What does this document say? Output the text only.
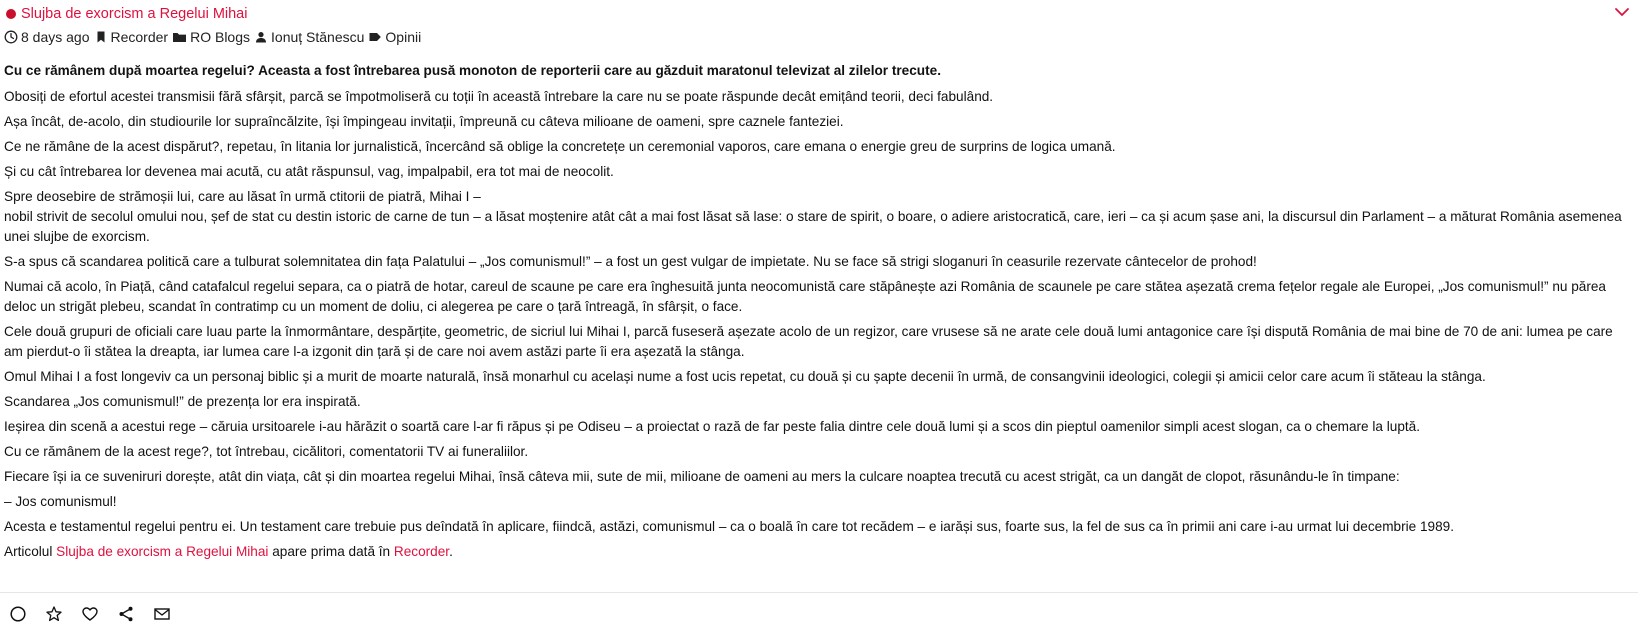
Slujba de exorcism a Regelui Mihai
8 days ago Recorder RO Blogs Ionuț Stănescu Opinii

Cu ce rămânem după moartea regelui? Aceasta a fost întrebarea pusă monoton de reporterii care au găzduit maratonul televizat al zilelor trecute.

Obosiți de efortul acestei transmisii fără sfârșit, parcă se împotmoliseră cu toții în această întrebare la care nu se poate răspunde decât emițând teorii, deci fabulând.

Așa încât, de-acolo, din studiourile lor supraîncălzite, își împingeau invitații, împreună cu câteva milioane de oameni, spre caznele fanteziei.

Ce ne rămâne de la acest dispărut?, repetau, în litania lor jurnalistică, încercând să oblige la concretețe un ceremonial vaporos, care emana o energie greu de surprins de logica umană.

Și cu cât întrebarea lor devenea mai acută, cu atât răspunsul, vag, impalpabil, era tot mai de neocolit.

Spre deosebire de strămoșii lui, care au lăsat în urmă ctitorii de piatră, Mihai I –
nobil strivit de secolul omului nou, șef de stat cu destin istoric de carne de tun – a lăsat moștenire atât cât a mai fost lăsat să lase: o stare de spirit, o boare, o adiere aristocratică, care, ieri – ca și acum șase ani, la discursul din Parlament – a măturat România asemenea unei slujbe de exorcism.

S-a spus că scandarea politică care a tulburat solemnitatea din fața Palatului – „Jos comunismul!” – a fost un gest vulgar de impietate. Nu se face să strigi sloganuri în ceasurile rezervate cântecelor de prohod!

Numai că acolo, în Piață, când catafalcul regelui separa, ca o piatră de hotar, careul de scaune pe care era înghesuită junta neocomunistă care stăpânește azi România de scaunele pe care stătea așezată crema fețelor regale ale Europei, „Jos comunismul!” nu părea deloc un strigăt plebeu, scandat în contratimp cu un moment de doliu, ci alegerea pe care o țară întreagă, în sfârșit, o face.

Cele două grupuri de oficiali care luau parte la înmormântare, despărțite, geometric, de sicriul lui Mihai I, parcă fuseseră așezate acolo de un regizor, care vrusese să ne arate cele două lumi antagonice care își dispută România de mai bine de 70 de ani: lumea pe care am pierdut-o îi stătea la dreapta, iar lumea care l-a izgonit din țară și de care noi avem astăzi parte îi era așezată la stânga.

Omul Mihai I a fost longeviv ca un personaj biblic și a murit de moarte naturală, însă monarhul cu același nume a fost ucis repetat, cu două și cu șapte decenii în urmă, de consangvinii ideologici, colegii și amicii celor care acum îi stăteau la stânga.

Scandarea „Jos comunismul!” de prezența lor era inspirată.

Ieșirea din scenă a acestui rege – căruia ursitoarele i-au hărăzit o soartă care l-ar fi răpus și pe Odiseu – a proiectat o rază de far peste falia dintre cele două lumi și a scos din pieptul oamenilor simpli acest slogan, ca o chemare la luptă.

Cu ce rămânem de la acest rege?, tot întrebau, cicălitori, comentatorii TV ai funeraliilor.

Fiecare își ia ce suveniruri dorește, atât din viața, cât și din moartea regelui Mihai, însă câteva mii, sute de mii, milioane de oameni au mers la culcare noaptea trecută cu acest strigăt, ca un dangăt de clopot, răsunându-le în timpane:

– Jos comunismul!

Acesta e testamentul regelui pentru ei. Un testament care trebuie pus deîndată în aplicare, fiindcă, astăzi, comunismul – ca o boală în care tot recădem – e iarăși sus, foarte sus, la fel de sus ca în primii ani care i-au urmat lui decembrie 1989.

Articolul Slujba de exorcism a Regelui Mihai apare prima dată în Recorder.
